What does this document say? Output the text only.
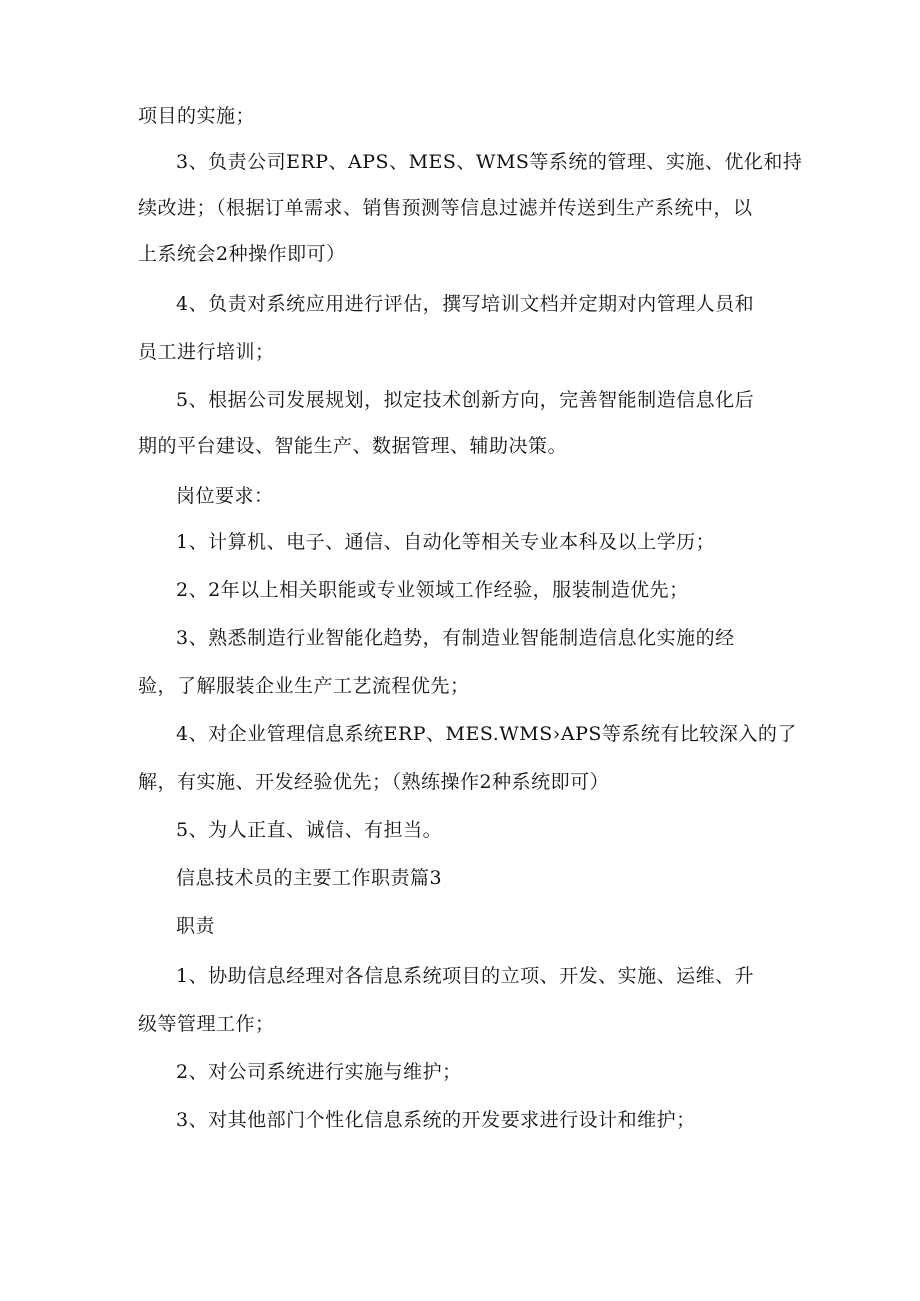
项目的实施；
3、负责公司ERP、APS、MES、WMS等系统的管理、实施、优化和持
续改进；（根据订单需求、销售预测等信息过滤并传送到生产系统中，以
上系统会2种操作即可）
4、负责对系统应用进行评估，撰写培训文档并定期对内管理人员和
员工进行培训；
5、根据公司发展规划，拟定技术创新方向，完善智能制造信息化后
期的平台建设、智能生产、数据管理、辅助决策。
岗位要求：
1、计算机、电子、通信、自动化等相关专业本科及以上学历；
2、2年以上相关职能或专业领域工作经验，服装制造优先；
3、熟悉制造行业智能化趋势，有制造业智能制造信息化实施的经
验，了解服装企业生产工艺流程优先；
4、对企业管理信息系统ERP、MES.WMS›APS等系统有比较深入的了
解，有实施、开发经验优先；（熟练操作2种系统即可）
5、为人正直、诚信、有担当。
信息技术员的主要工作职责篇3
职责
1、协助信息经理对各信息系统项目的立项、开发、实施、运维、升
级等管理工作；
2、对公司系统进行实施与维护；
3、对其他部门个性化信息系统的开发要求进行设计和维护；
